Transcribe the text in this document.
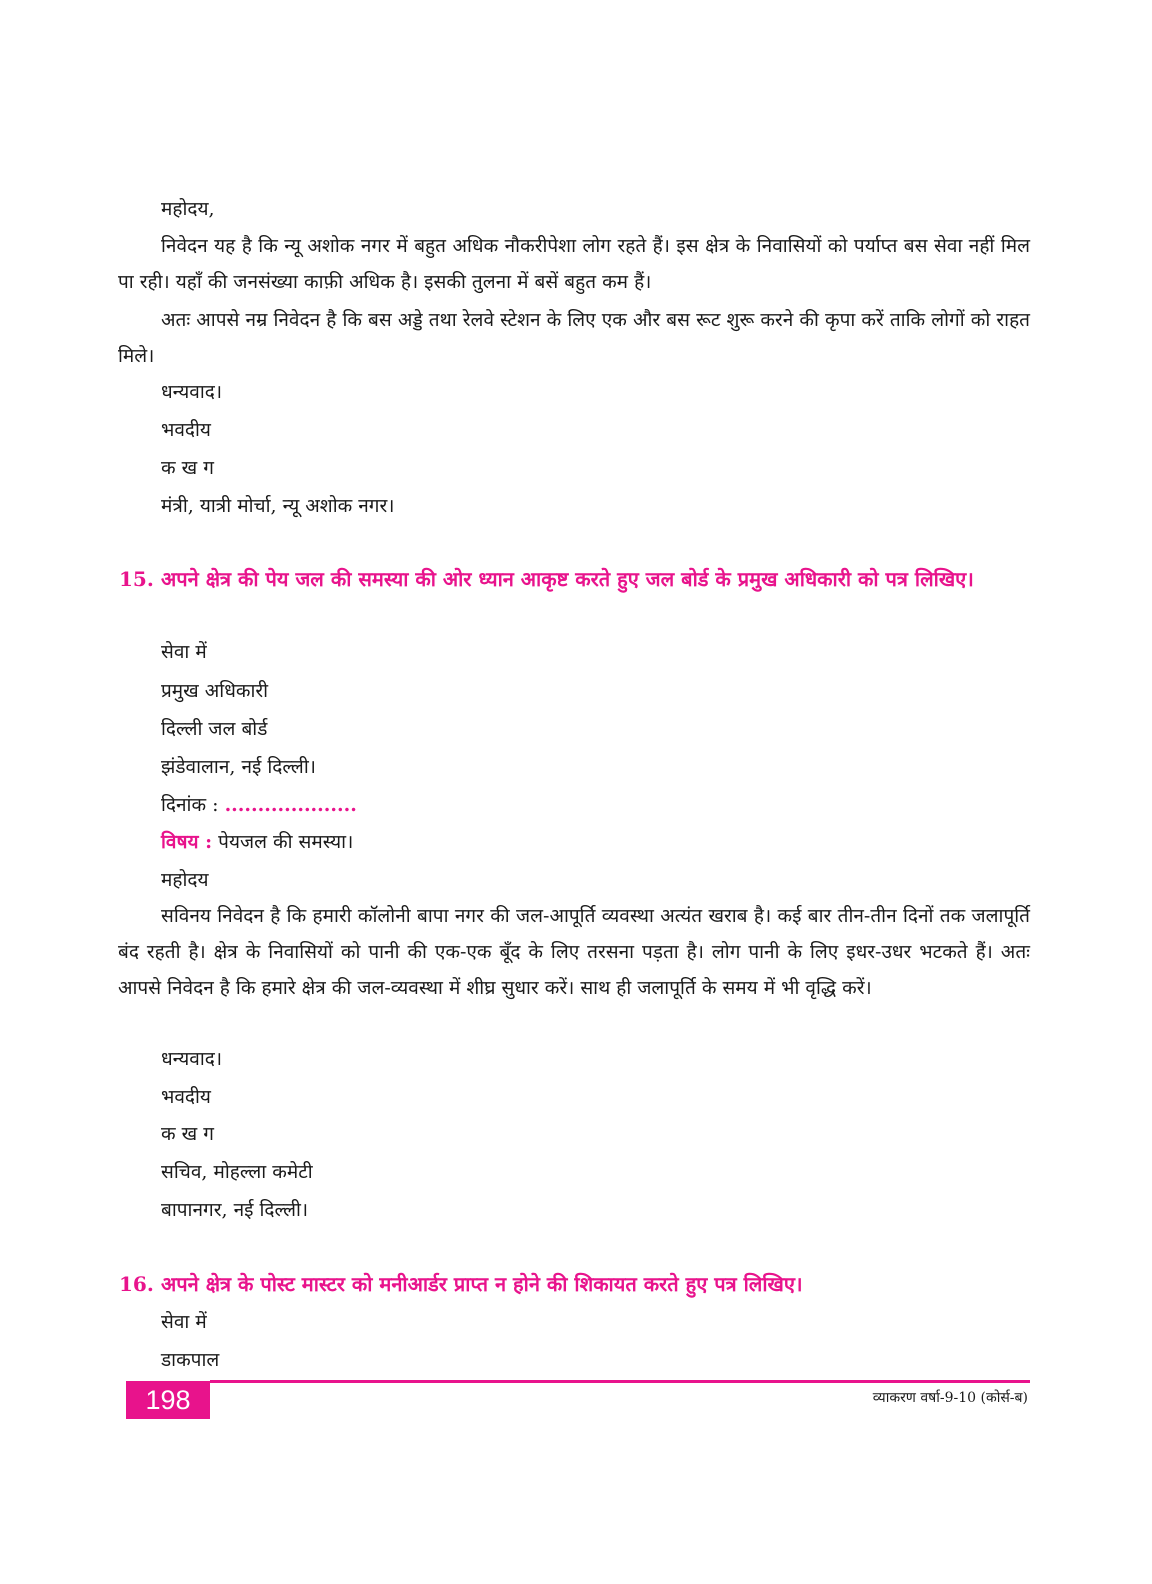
महोदय,
निवेदन यह है कि न्यू अशोक नगर में बहुत अधिक नौकरीपेशा लोग रहते हैं। इस क्षेत्र के निवासियों को पर्याप्त बस सेवा नहीं मिल पा रही। यहाँ की जनसंख्या काफ़ी अधिक है। इसकी तुलना में बसें बहुत कम हैं।
अतः आपसे नम्र निवेदन है कि बस अड्डे तथा रेलवे स्टेशन के लिए एक और बस रूट शुरू करने की कृपा करें ताकि लोगों को राहत मिले।
धन्यवाद।
भवदीय
क ख ग
मंत्री, यात्री मोर्चा, न्यू अशोक नगर।
15. अपने क्षेत्र की पेय जल की समस्या की ओर ध्यान आकृष्ट करते हुए जल बोर्ड के प्रमुख अधिकारी को पत्र लिखिए।
सेवा में
प्रमुख अधिकारी
दिल्ली जल बोर्ड
झंडेवालान, नई दिल्ली।
दिनांक : ....................
विषय : पेयजल की समस्या।
महोदय
सविनय निवेदन है कि हमारी कॉलोनी बापा नगर की जल-आपूर्ति व्यवस्था अत्यंत खराब है। कई बार तीन-तीन दिनों तक जलापूर्ति बंद रहती है। क्षेत्र के निवासियों को पानी की एक-एक बूँद के लिए तरसना पड़ता है। लोग पानी के लिए इधर-उधर भटकते हैं। अतः आपसे निवेदन है कि हमारे क्षेत्र की जल-व्यवस्था में शीघ्र सुधार करें। साथ ही जलापूर्ति के समय में भी वृद्धि करें।
धन्यवाद।
भवदीय
क ख ग
सचिव, मोहल्ला कमेटी
बापानगर, नई दिल्ली।
16. अपने क्षेत्र के पोस्ट मास्टर को मनीआर्डर प्राप्त न होने की शिकायत करते हुए पत्र लिखिए।
सेवा में
डाकपाल
198	व्याकरण वर्षा-9-10 (कोर्स-ब)
